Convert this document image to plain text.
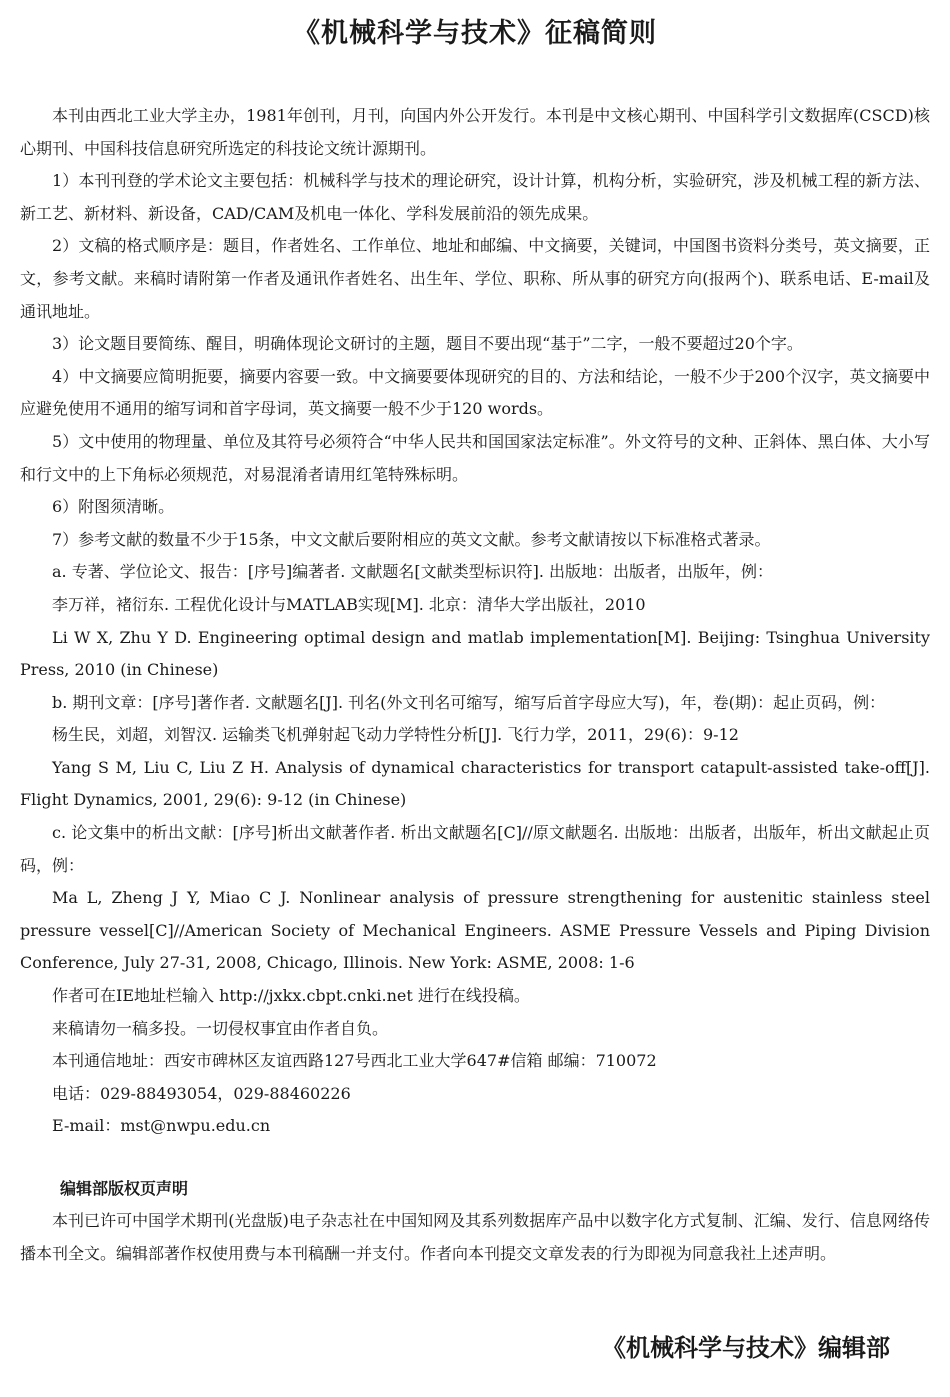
《机械科学与技术》征稿简则

本刊由西北工业大学主办，1981年创刊，月刊，向国内外公开发行。本刊是中文核心期刊、中国科学引文数据库(CSCD)核心期刊、中国科技信息研究所选定的科技论文统计源期刊。

1）本刊刊登的学术论文主要包括：机械科学与技术的理论研究，设计计算，机构分析，实验研究，涉及机械工程的新方法、新工艺、新材料、新设备，CAD/CAM及机电一体化、学科发展前沿的领先成果。

2）文稿的格式顺序是：题目，作者姓名、工作单位、地址和邮编、中文摘要，关键词，中国图书资料分类号，英文摘要，正文，参考文献。来稿时请附第一作者及通讯作者姓名、出生年、学位、职称、所从事的研究方向(报两个)、联系电话、E-mail及通讯地址。

3）论文题目要简练、醒目，明确体现论文研讨的主题，题目不要出现“基于”二字，一般不要超过20个字。

4）中文摘要应简明扼要，摘要内容要一致。中文摘要要体现研究的目的、方法和结论，一般不少于200个汉字，英文摘要中应避免使用不通用的缩写词和首字母词，英文摘要一般不少于120 words。

5）文中使用的物理量、单位及其符号必须符合“中华人民共和国国家法定标准”。外文符号的文种、正斜体、黑白体、大小写和行文中的上下角标必须规范，对易混淆者请用红笔特殊标明。

6）附图须清晰。

7）参考文献的数量不少于15条，中文文献后要附相应的英文文献。参考文献请按以下标准格式著录。

a. 专著、学位论文、报告：[序号]编著者. 文献题名[文献类型标识符]. 出版地：出版者，出版年，例：

李万祥，褚衍东. 工程优化设计与MATLAB实现[M]. 北京：清华大学出版社，2010

Li W X, Zhu Y D. Engineering optimal design and matlab implementation[M]. Beijing: Tsinghua University Press, 2010 (in Chinese)

b. 期刊文章：[序号]著作者. 文献题名[J]. 刊名(外文刊名可缩写，缩写后首字母应大写)，年，卷(期)：起止页码，例：

杨生民，刘超，刘智汉. 运输类飞机弹射起飞动力学特性分析[J]. 飞行力学，2011，29(6)：9-12

Yang S M, Liu C, Liu Z H. Analysis of dynamical characteristics for transport catapult-assisted take-off[J]. Flight Dynamics, 2001, 29(6): 9-12 (in Chinese)

c. 论文集中的析出文献：[序号]析出文献著作者. 析出文献题名[C]//原文献题名. 出版地：出版者，出版年，析出文献起止页码，例：

Ma L, Zheng J Y, Miao C J. Nonlinear analysis of pressure strengthening for austenitic stainless steel pressure vessel[C]//American Society of Mechanical Engineers. ASME Pressure Vessels and Piping Division Conference, July 27-31, 2008, Chicago, Illinois. New York: ASME, 2008: 1-6

作者可在IE地址栏输入 http://jxkx.cbpt.cnki.net 进行在线投稿。

来稿请勿一稿多投。一切侵权事宜由作者自负。

本刊通信地址：西安市碑林区友谊西路127号西北工业大学647#信箱 邮编：710072

电话：029-88493054，029-88460226

E-mail：mst@nwpu.edu.cn

编辑部版权页声明

本刊已许可中国学术期刊(光盘版)电子杂志社在中国知网及其系列数据库产品中以数字化方式复制、汇编、发行、信息网络传播本刊全文。编辑部著作权使用费与本刊稿酬一并支付。作者向本刊提交文章发表的行为即视为同意我社上述声明。

《机械科学与技术》编辑部
